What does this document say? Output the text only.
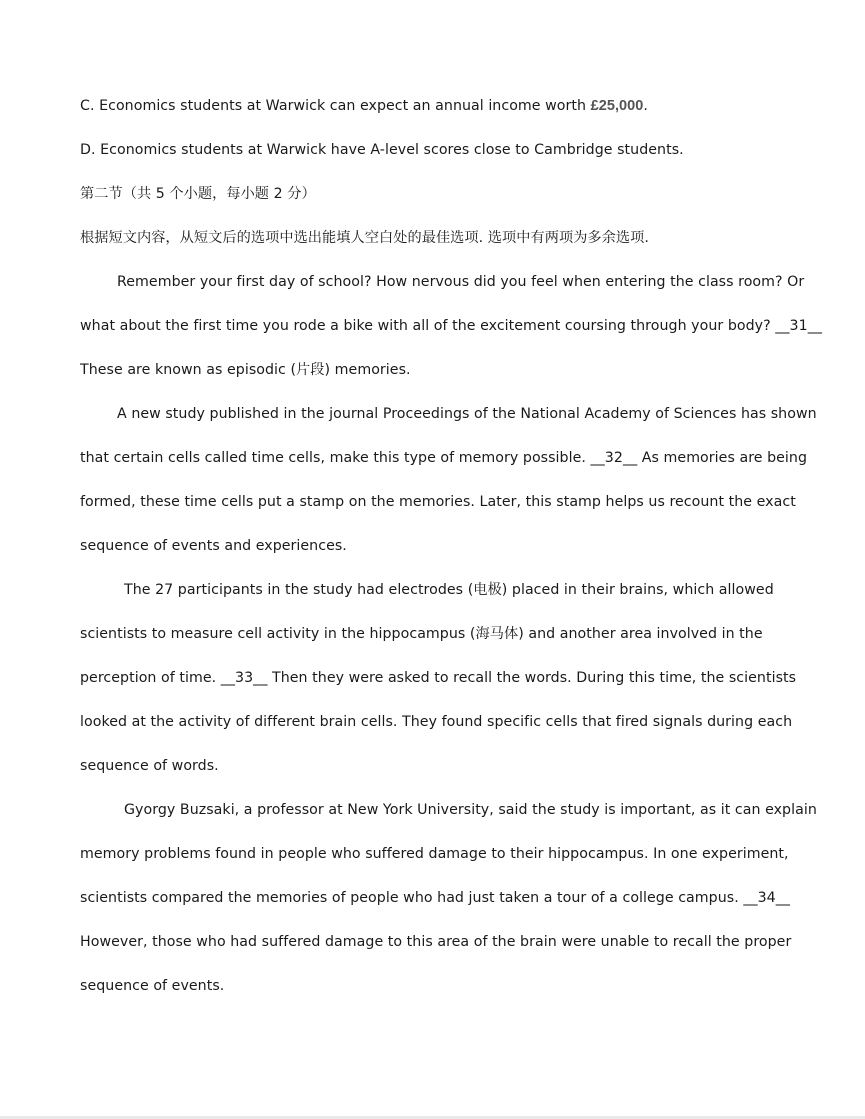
C. Economics students at Warwick can expect an annual income worth £25,000.
D. Economics students at Warwick have A-level scores close to Cambridge students.
第二节（共 5 个小题，每小题 2 分）
根据短文内容，从短文后的选项中选出能填人空白处的最佳选项. 选项中有两项为多余选项.
Remember your first day of school? How nervous did you feel when entering the class room? Or
what about the first time you rode a bike with all of the excitement coursing through your body? __31__
These are known as episodic (片段) memories.
A new study published in the journal Proceedings of the National Academy of Sciences has shown
that certain cells called time cells, make this type of memory possible. __32__ As memories are being
formed, these time cells put a stamp on the memories. Later, this stamp helps us recount the exact
sequence of events and experiences.
The 27 participants in the study had electrodes (电极) placed in their brains, which allowed
scientists to measure cell activity in the hippocampus (海马体) and another area involved in the
perception of time. __33__ Then they were asked to recall the words. During this time, the scientists
looked at the activity of different brain cells. They found specific cells that fired signals during each
sequence of words.
Gyorgy Buzsaki, a professor at New York University, said the study is important, as it can explain
memory problems found in people who suffered damage to their hippocampus. In one experiment,
scientists compared the memories of people who had just taken a tour of a college campus. __34__
However, those who had suffered damage to this area of the brain were unable to recall the proper
sequence of events.
